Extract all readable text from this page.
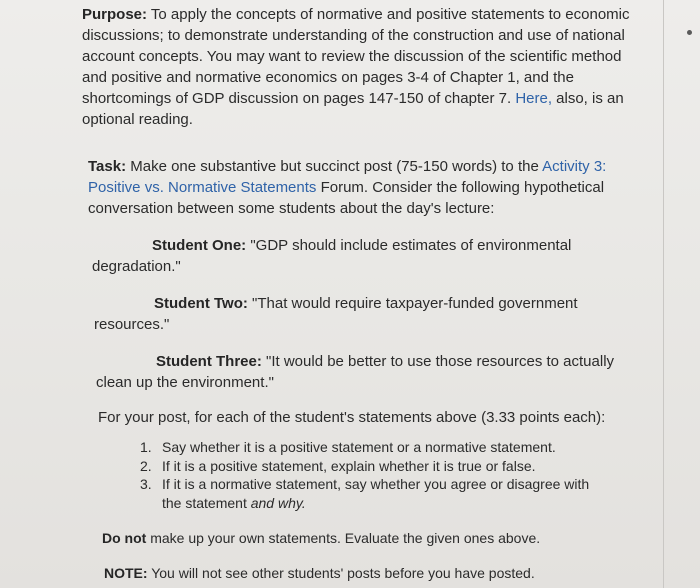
Purpose: To apply the concepts of normative and positive statements to economic discussions; to demonstrate understanding of the construction and use of national account concepts. You may want to review the discussion of the scientific method and positive and normative economics on pages 3-4 of Chapter 1, and the shortcomings of GDP discussion on pages 147-150 of chapter 7. Here, also, is an optional reading.

Task: Make one substantive but succinct post (75-150 words) to the Activity 3: Positive vs. Normative Statements Forum. Consider the following hypothetical conversation between some students about the day's lecture:

Student One: "GDP should include estimates of environmental
degradation."

Student Two: "That would require taxpayer-funded government
resources."

Student Three: "It would be better to use those resources to actually
clean up the environment."

For your post, for each of the student's statements above (3.33 points each):

1. Say whether it is a positive statement or a normative statement.
2. If it is a positive statement, explain whether it is true or false.
3. If it is a normative statement, say whether you agree or disagree with the statement and why.

Do not make up your own statements. Evaluate the given ones above.

NOTE: You will not see other students' posts before you have posted.
